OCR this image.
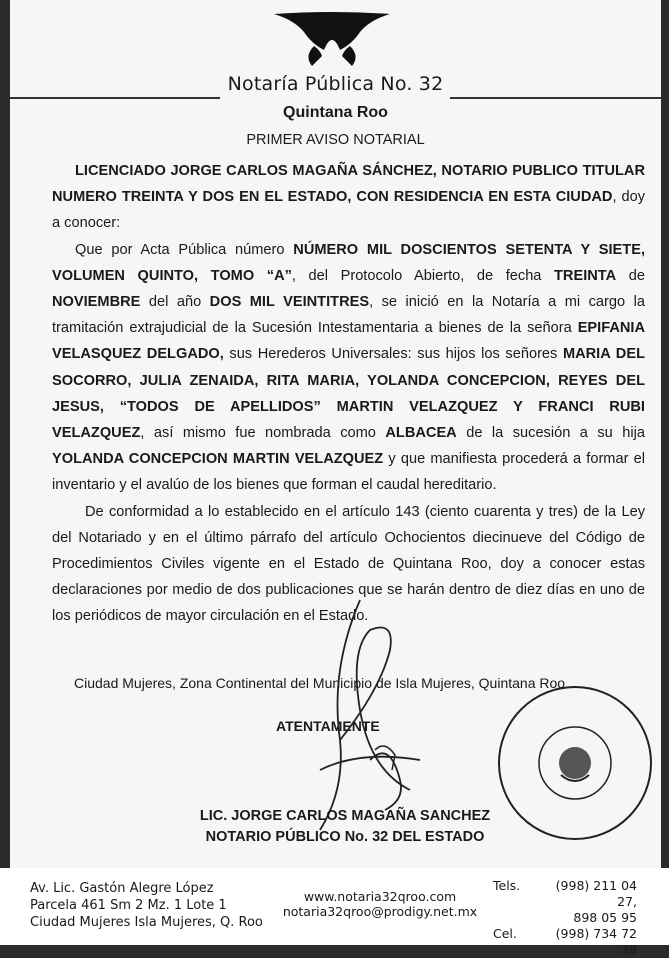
Notaría Pública No. 32
Quintana Roo
PRIMER AVISO NOTARIAL

LICENCIADO JORGE CARLOS MAGAÑA SÁNCHEZ, NOTARIO PUBLICO TITULAR NUMERO TREINTA Y DOS EN EL ESTADO, CON RESIDENCIA EN ESTA CIUDAD, doy a conocer:

Que por Acta Pública número NÚMERO MIL DOSCIENTOS SETENTA Y SIETE, VOLUMEN QUINTO, TOMO “A”, del Protocolo Abierto, de fecha TREINTA de NOVIEMBRE del año DOS MIL VEINTITRES, se inició en la Notaría a mi cargo la tramitación extrajudicial de la Sucesión Intestamentaria a bienes de la señora EPIFANIA VELASQUEZ DELGADO, sus Herederos Universales: sus hijos los señores MARIA DEL SOCORRO, JULIA ZENAIDA, RITA MARIA, YOLANDA CONCEPCION, REYES DEL JESUS, “TODOS DE APELLIDOS” MARTIN VELAZQUEZ Y FRANCI RUBI VELAZQUEZ, así mismo fue nombrada como ALBACEA de la sucesión a su hija YOLANDA CONCEPCION MARTIN VELAZQUEZ y que manifiesta procederá a formar el inventario y el avalúo de los bienes que forman el caudal hereditario.

De conformidad a lo establecido en el artículo 143 (ciento cuarenta y tres) de la Ley del Notariado y en el último párrafo del artículo Ochocientos diecinueve del Código de Procedimientos Civiles vigente en el Estado de Quintana Roo, doy a conocer estas declaraciones por medio de dos publicaciones que se harán dentro de diez días en uno de los periódicos de mayor circulación en el Estado.

Ciudad Mujeres, Zona Continental del Municipio de Isla Mujeres, Quintana Roo
ATENTAMENTE
LIC. JORGE CARLOS MAGAÑA SANCHEZ
NOTARIO PÚBLICO No. 32 DEL ESTADO
Av. Lic. Gastón Alegre López
Parcela 461 Sm 2 Mz. 1 Lote 1
Ciudad Mujeres Isla Mujeres, Q. Roo
www.notaria32qroo.com
notaria32qroo@prodigy.net.mx
Tels.	(998) 211 04 27,
898 05 95
Cel.	(998) 734 72 38
